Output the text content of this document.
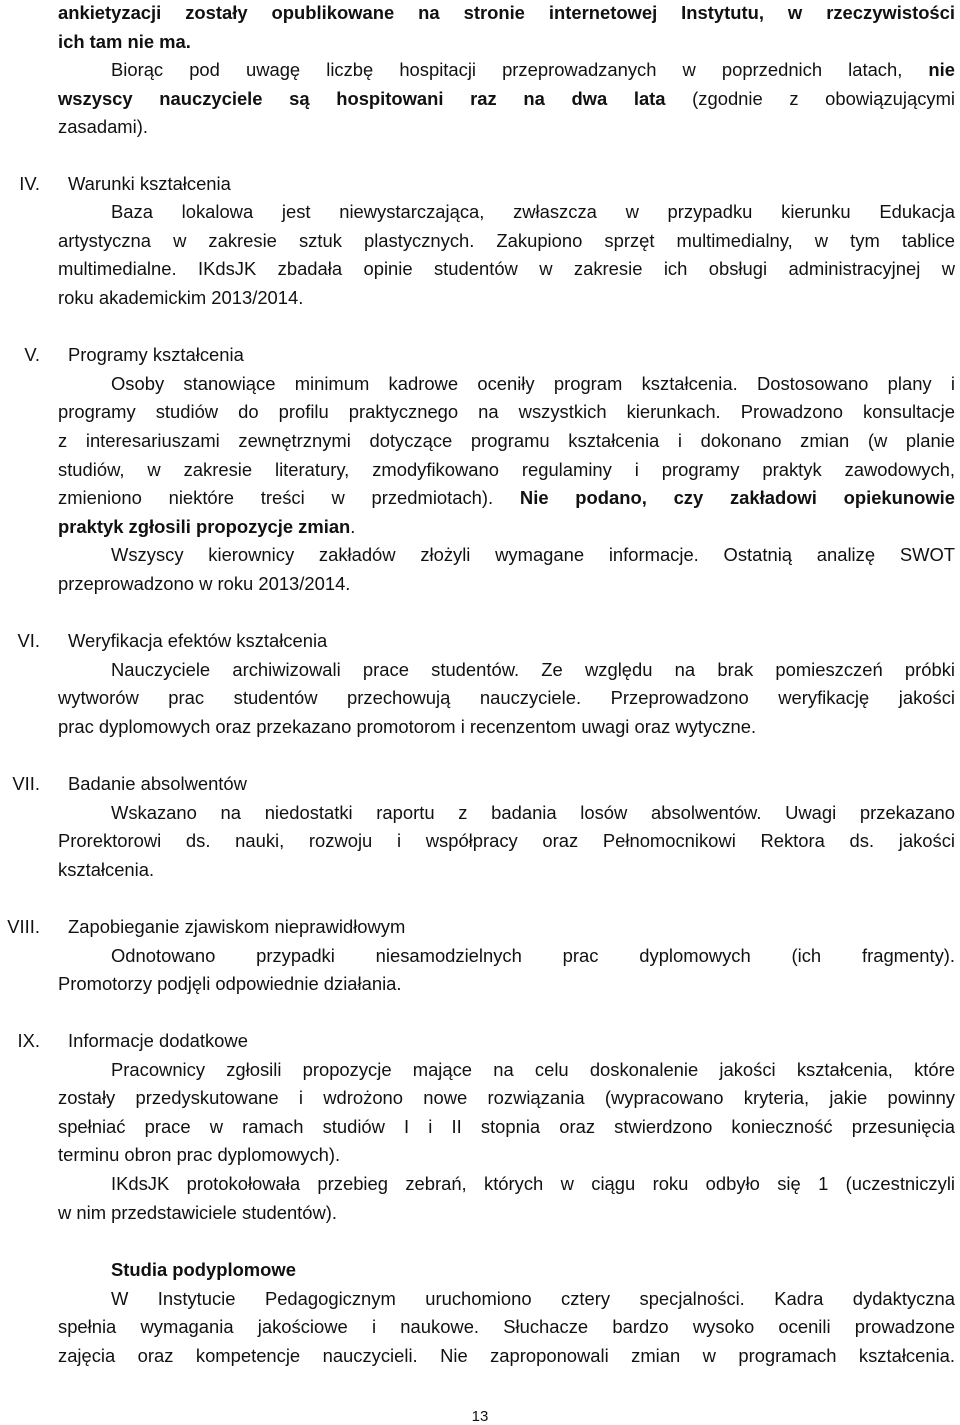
ankietyzacji zostały opublikowane na stronie internetowej Instytutu, w rzeczywistości
ich tam nie ma.
Biorąc pod uwagę liczbę hospitacji przeprowadzanych w poprzednich latach, nie
wszyscy nauczyciele są hospitowani raz na dwa lata (zgodnie z obowiązującymi
zasadami).
IV. Warunki kształcenia
Baza lokalowa jest niewystarczająca, zwłaszcza w przypadku kierunku Edukacja
artystyczna w zakresie sztuk plastycznych. Zakupiono sprzęt multimedialny, w tym tablice
multimedialne. IKdsJK zbadała opinie studentów w zakresie ich obsługi administracyjnej w
roku akademickim 2013/2014.
V. Programy kształcenia
Osoby stanowiące minimum kadrowe oceniły program kształcenia. Dostosowano plany i
programy studiów do profilu praktycznego na wszystkich kierunkach. Prowadzono konsultacje
z interesariuszami zewnętrznymi dotyczące programu kształcenia i dokonano zmian (w planie
studiów, w zakresie literatury, zmodyfikowano regulaminy i programy praktyk zawodowych,
zmieniono niektóre treści w przedmiotach). Nie podano, czy zakładowi opiekunowie
praktyk zgłosili propozycje zmian.
Wszyscy kierownicy zakładów złożyli wymagane informacje. Ostatnią analizę SWOT
przeprowadzono w roku 2013/2014.
VI. Weryfikacja efektów kształcenia
Nauczyciele archiwizowali prace studentów. Ze względu na brak pomieszczeń próbki
wytworów prac studentów przechowują nauczyciele. Przeprowadzono weryfikację jakości
prac dyplomowych oraz przekazano promotorom i recenzentom uwagi oraz wytyczne.
VII. Badanie absolwentów
Wskazano na niedostatki raportu z badania losów absolwentów. Uwagi przekazano
Prorektorowi ds. nauki, rozwoju i współpracy oraz Pełnomocnikowi Rektora ds. jakości
kształcenia.
VIII. Zapobieganie zjawiskom nieprawidłowym
Odnotowano przypadki niesamodzielnych prac dyplomowych (ich fragmenty).
Promotorzy podjęli odpowiednie działania.
IX. Informacje dodatkowe
Pracownicy zgłosili propozycje mające na celu doskonalenie jakości kształcenia, które
zostały przedyskutowane i wdrożono nowe rozwiązania (wypracowano kryteria, jakie powinny
spełniać prace w ramach studiów I i II stopnia oraz stwierdzono konieczność przesunięcia
terminu obron prac dyplomowych).
IKdsJK protokołowała przebieg zebrań, których w ciągu roku odbyło się 1 (uczestniczyli
w nim przedstawiciele studentów).
Studia podyplomowe
W Instytucie Pedagogicznym uruchomiono cztery specjalności. Kadra dydaktyczna
spełnia wymagania jakościowe i naukowe. Słuchacze bardzo wysoko ocenili prowadzone
zajęcia oraz kompetencje nauczycieli. Nie zaproponowali zmian w programach kształcenia.
13
